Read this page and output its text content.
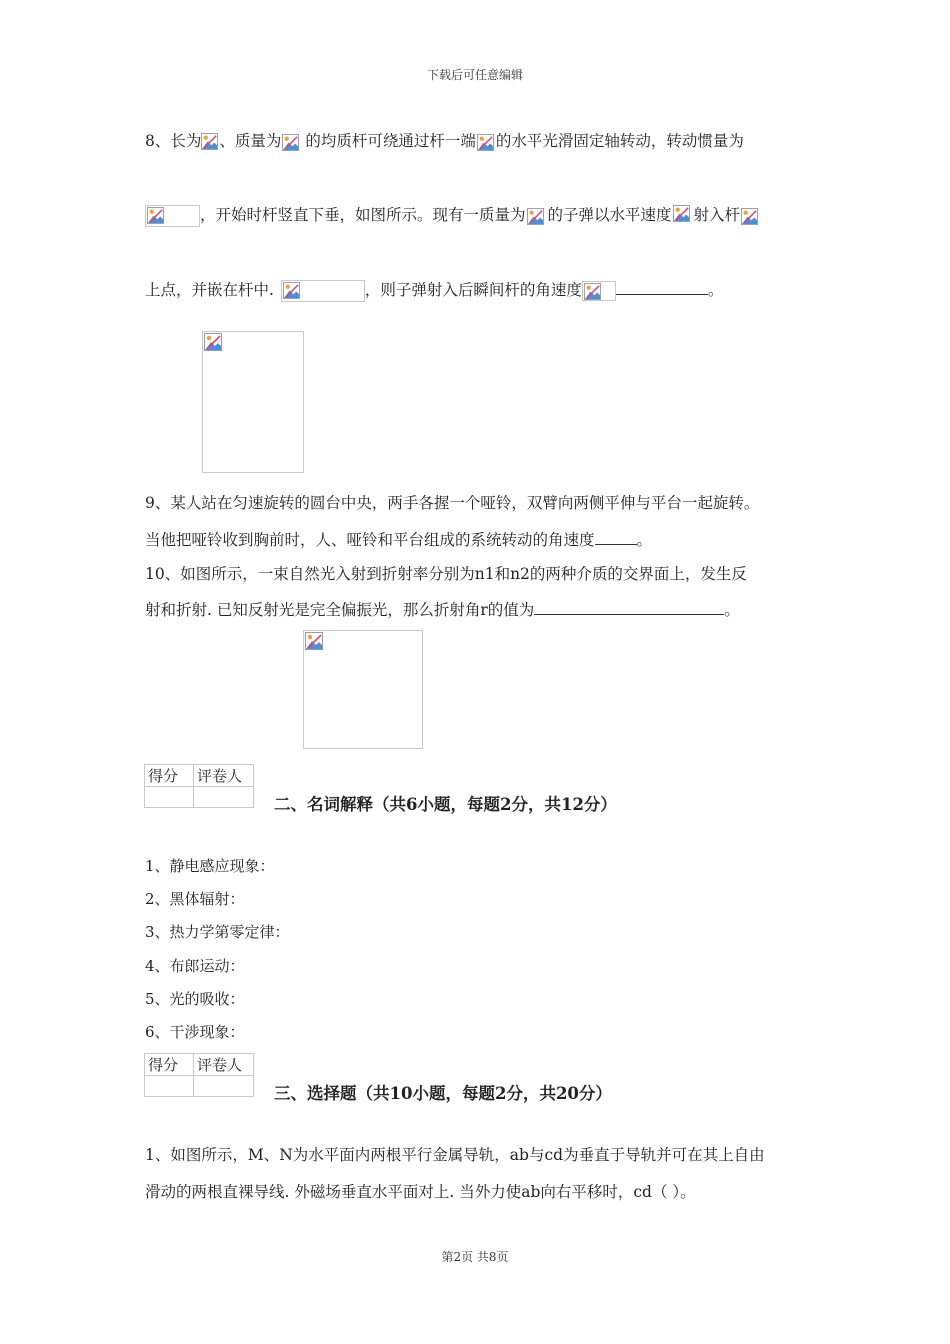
下载后可任意编辑
8、长为 、质量为 的均质杆可绕通过杆一端 的水平光滑固定轴转动，转动惯量为
，开始时杆竖直下垂，如图所示。现有一质量为 的子弹以水平速度 射入杆
上点，并嵌在杆中.	，则子弹射入后瞬间杆的角速度	。
9、某人站在匀速旋转的圆台中央，两手各握一个哑铃，双臂向两侧平伸与平台一起旋转。
当他把哑铃收到胸前时，人、哑铃和平台组成的系统转动的角速度	。
10、如图所示，一束自然光入射到折射率分别为n1和n2的两种介质的交界面上，发生反
射和折射. 已知反射光是完全偏振光，那么折射角r的值为	。
得分	评卷人

二、名词解释（共6小题，每题2分，共12分）
1、静电感应现象：
2、黑体辐射：
3、热力学第零定律：
4、布郎运动：
5、光的吸收：
6、干涉现象：
得分	评卷人

三、选择题（共10小题，每题2分，共20分）
1、如图所示，M、N为水平面内两根平行金属导轨，ab与cd为垂直于导轨并可在其上自由
滑动的两根直裸导线. 外磁场垂直水平面对上. 当外力使ab向右平移时，cd（ ）。
第2页 共8页
